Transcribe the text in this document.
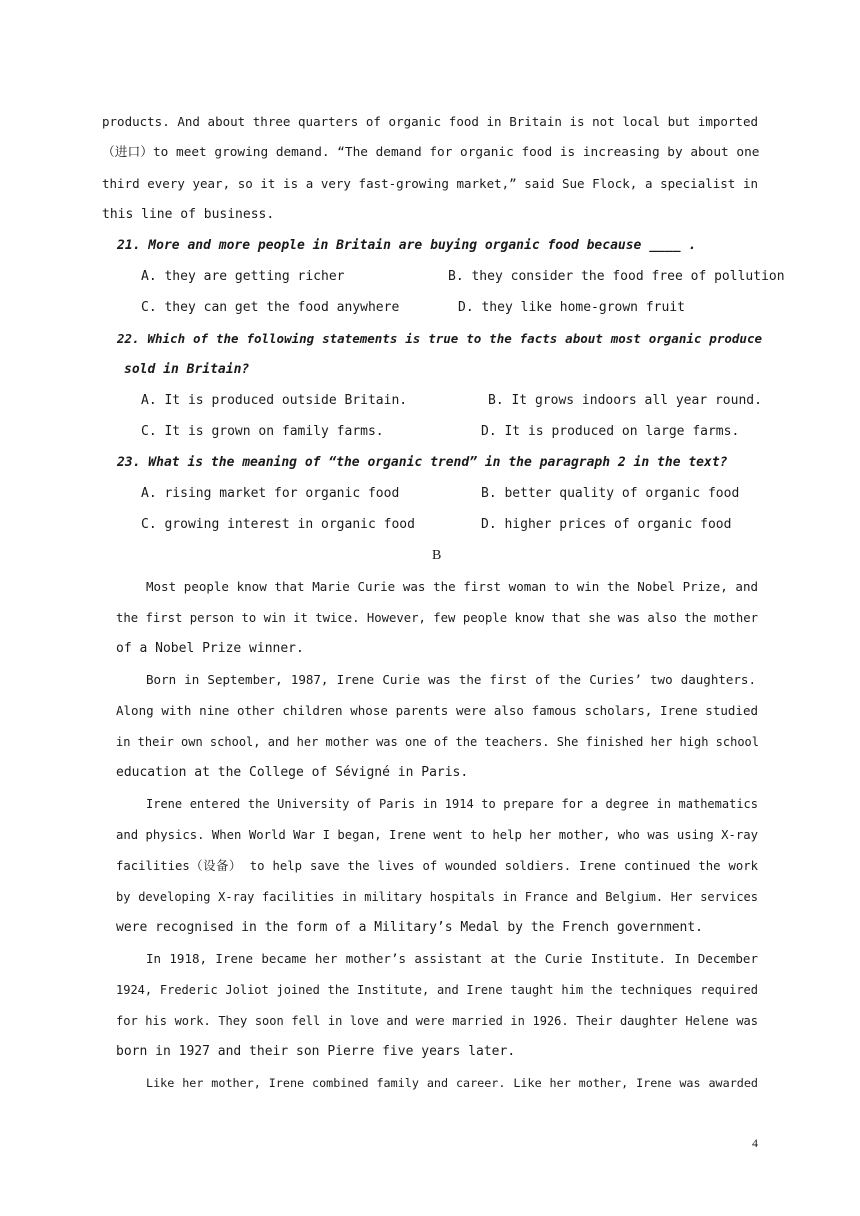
products. And about three quarters of organic food in Britain is not local but imported
（进口）to meet growing demand. “The demand for organic food is increasing by about one
third every year, so it is a very fast-growing market,” said Sue Flock, a specialist in
this line of business.
21. More and more people in Britain are buying organic food because ____ .
A. they are getting richer	B. they consider the food free of pollution
C. they can get the food anywhere	D. they like home-grown fruit
22. Which of the following statements is true to the facts about most organic produce
sold in Britain?
A. It is produced outside Britain.	B. It grows indoors all year round.
C. It is grown on family farms.	D. It is produced on large farms.
23. What is the meaning of “the organic trend” in the paragraph 2 in the text?
A. rising market for organic food	B. better quality of organic food
C. growing interest in organic food	D. higher prices of organic food
B
Most people know that Marie Curie was the first woman to win the Nobel Prize, and
the first person to win it twice. However, few people know that she was also the mother
of a Nobel Prize winner.
Born in September, 1987, Irene Curie was the first of the Curies’ two daughters.
Along with nine other children whose parents were also famous scholars, Irene studied
in their own school, and her mother was one of the teachers. She finished her high school
education at the College of Sévigné in Paris.
Irene entered the University of Paris in 1914 to prepare for a degree in mathematics
and physics. When World War I began, Irene went to help her mother, who was using X-ray
facilities（设备） to help save the lives of wounded soldiers. Irene continued the work
by developing X-ray facilities in military hospitals in France and Belgium. Her services
were recognised in the form of a Military’s Medal by the French government.
In 1918, Irene became her mother’s assistant at the Curie Institute. In December
1924, Frederic Joliot joined the Institute, and Irene taught him the techniques required
for his work. They soon fell in love and were married in 1926. Their daughter Helene was
born in 1927 and their son Pierre five years later.
Like her mother, Irene combined family and career. Like her mother, Irene was awarded
4
